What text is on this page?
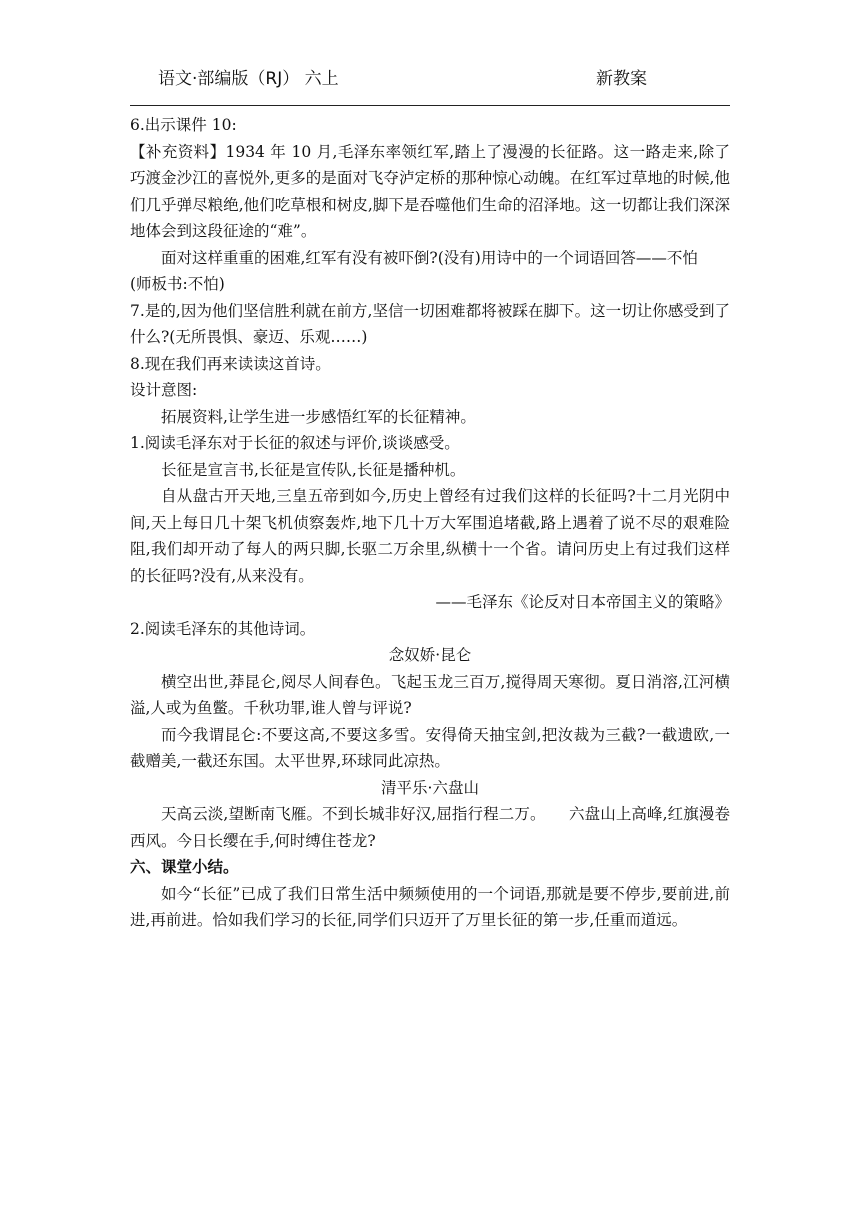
语文·部编版（RJ） 六上	新教案

6.出示课件 10:

【补充资料】1934 年 10 月,毛泽东率领红军,踏上了漫漫的长征路。这一路走来,除了巧渡金沙江的喜悦外,更多的是面对飞夺泸定桥的那种惊心动魄。在红军过草地的时候,他们几乎弹尽粮绝,他们吃草根和树皮,脚下是吞噬他们生命的沼泽地。这一切都让我们深深地体会到这段征途的“难”。

面对这样重重的困难,红军有没有被吓倒?(没有)用诗中的一个词语回答——不怕

(师板书:不怕)

7.是的,因为他们坚信胜利就在前方,坚信一切困难都将被踩在脚下。这一切让你感受到了什么?(无所畏惧、豪迈、乐观……)

8.现在我们再来读读这首诗。

设计意图:

拓展资料,让学生进一步感悟红军的长征精神。

1.阅读毛泽东对于长征的叙述与评价,谈谈感受。

长征是宣言书,长征是宣传队,长征是播种机。

自从盘古开天地,三皇五帝到如今,历史上曾经有过我们这样的长征吗?十二月光阴中间,天上每日几十架飞机侦察轰炸,地下几十万大军围追堵截,路上遇着了说不尽的艰难险阻,我们却开动了每人的两只脚,长驱二万余里,纵横十一个省。请问历史上有过我们这样的长征吗?没有,从来没有。

——毛泽东《论反对日本帝国主义的策略》

2.阅读毛泽东的其他诗词。

念奴娇·昆仑

横空出世,莽昆仑,阅尽人间春色。飞起玉龙三百万,搅得周天寒彻。夏日消溶,江河横溢,人或为鱼鳖。千秋功罪,谁人曾与评说?

而今我谓昆仑:不要这高,不要这多雪。安得倚天抽宝剑,把汝裁为三截?一截遗欧,一截赠美,一截还东国。太平世界,环球同此凉热。

清平乐·六盘山

天高云淡,望断南飞雁。不到长城非好汉,屈指行程二万。　　六盘山上高峰,红旗漫卷西风。今日长缨在手,何时缚住苍龙?

六、课堂小结。

如今“长征”已成了我们日常生活中频频使用的一个词语,那就是要不停步,要前进,前进,再前进。恰如我们学习的长征,同学们只迈开了万里长征的第一步,任重而道远。
